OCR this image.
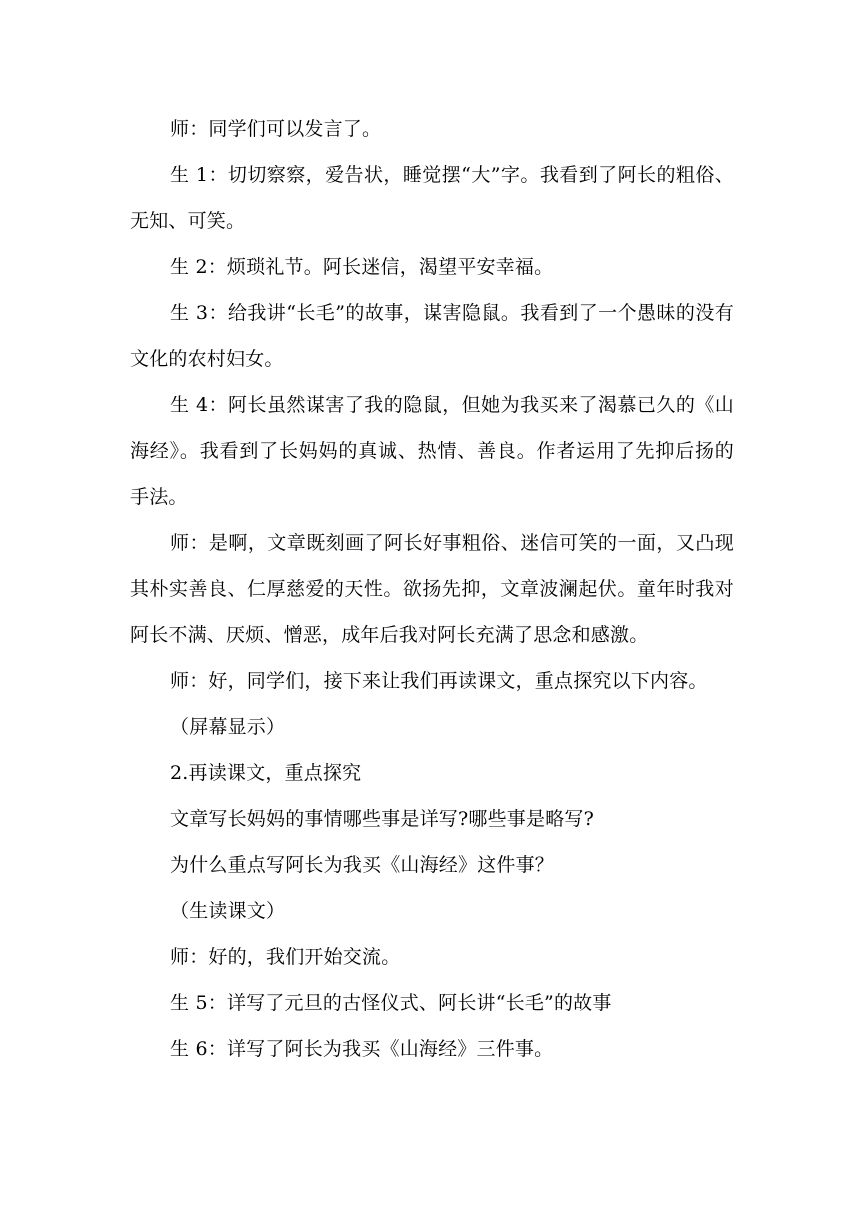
师：同学们可以发言了。

生 1：切切察察，爱告状，睡觉摆“大”字。我看到了阿长的粗俗、无知、可笑。

生 2：烦琐礼节。阿长迷信，渴望平安幸福。

生 3：给我讲“长毛”的故事，谋害隐鼠。我看到了一个愚昧的没有文化的农村妇女。

生 4：阿长虽然谋害了我的隐鼠，但她为我买来了渴慕已久的《山海经》。我看到了长妈妈的真诚、热情、善良。作者运用了先抑后扬的手法。

师：是啊，文章既刻画了阿长好事粗俗、迷信可笑的一面，又凸现其朴实善良、仁厚慈爱的天性。欲扬先抑，文章波澜起伏。童年时我对阿长不满、厌烦、憎恶，成年后我对阿长充满了思念和感激。

师：好，同学们，接下来让我们再读课文，重点探究以下内容。

（屏幕显示）

2.再读课文，重点探究

文章写长妈妈的事情哪些事是详写?哪些事是略写?

为什么重点写阿长为我买《山海经》这件事？

（生读课文）

师：好的，我们开始交流。

生 5：详写了元旦的古怪仪式、阿长讲“长毛”的故事

生 6：详写了阿长为我买《山海经》三件事。
